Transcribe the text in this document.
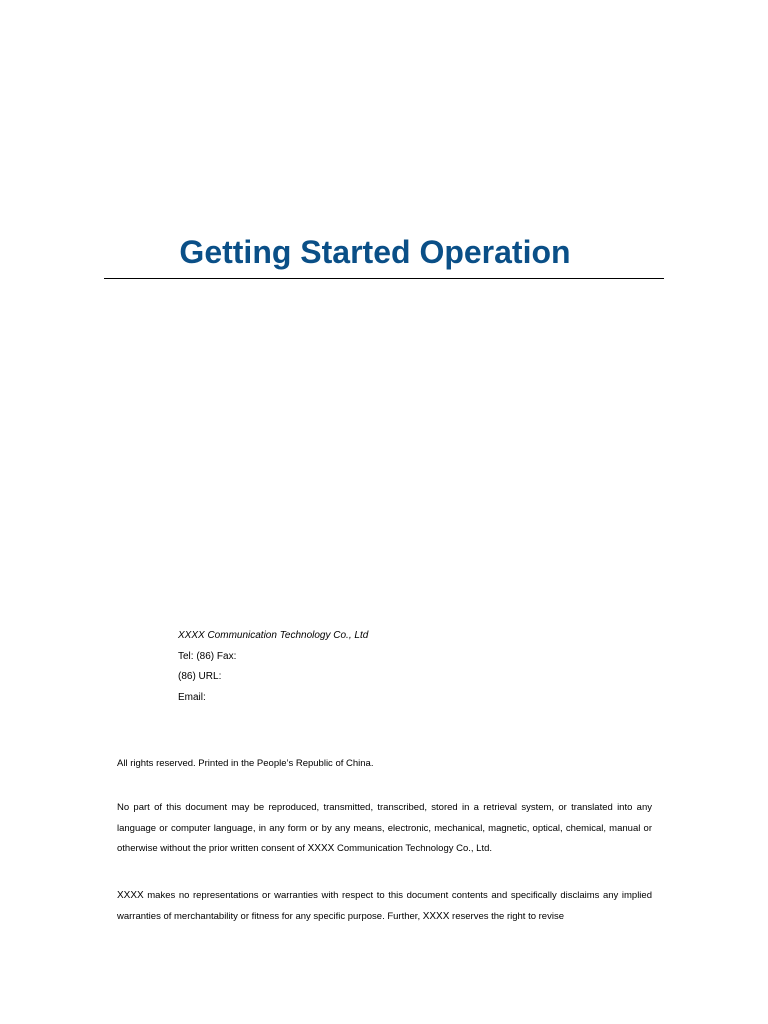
Getting Started Operation
XXXX Communication Technology Co., Ltd
Tel: (86) Fax:
(86) URL:
Email:

All rights reserved. Printed in the People’s Republic of China.

No part of this document may be reproduced, transmitted, transcribed, stored in a retrieval system, or translated into any language or computer language, in any form or by any means, electronic, mechanical, magnetic, optical, chemical, manual or otherwise without the prior written consent of XXXX Communication Technology Co., Ltd.

XXXX makes no representations or warranties with respect to this document contents and specifically disclaims any implied warranties of merchantability or fitness for any specific purpose. Further, XXXX reserves the right to revise
